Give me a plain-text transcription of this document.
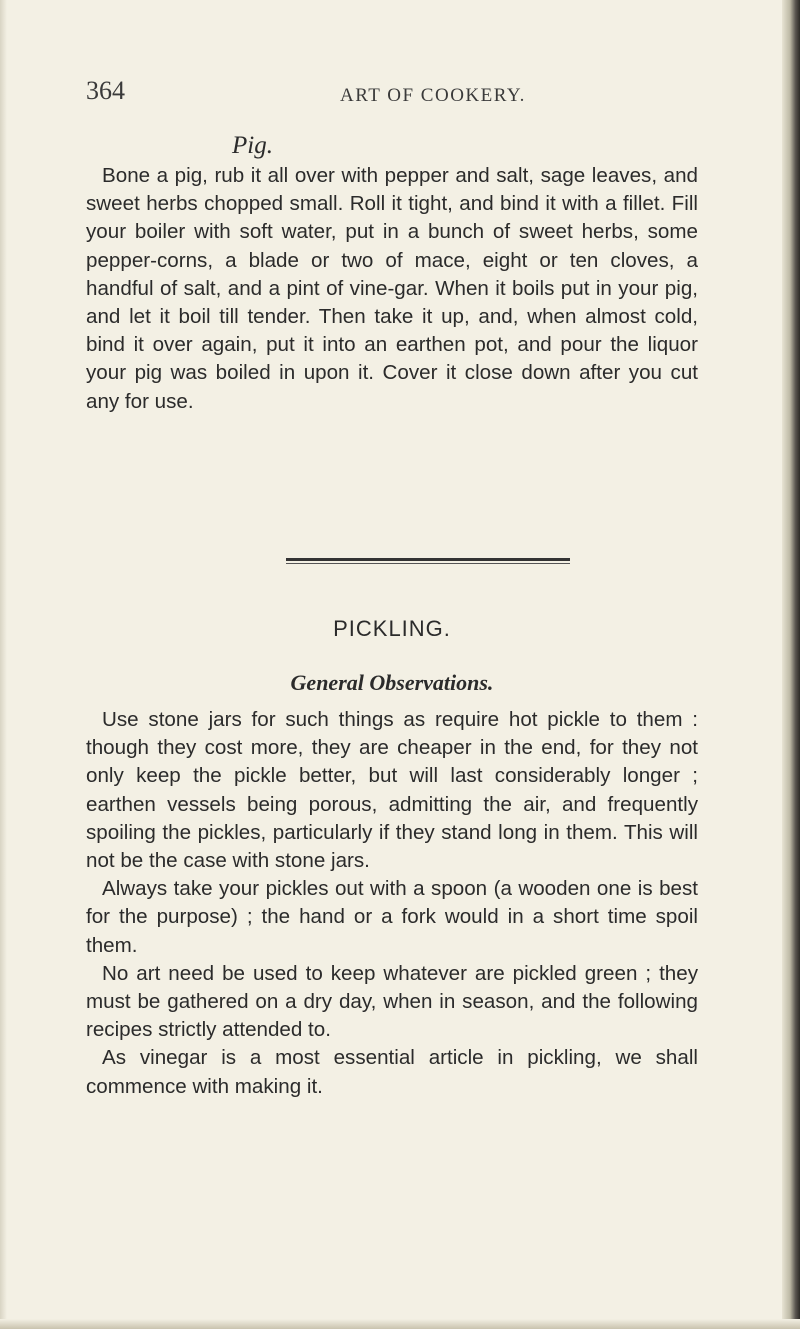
364	ART OF COOKERY.

Pig.

Bone a pig, rub it all over with pepper and salt, sage leaves, and sweet herbs chopped small. Roll it tight, and bind it with a fillet. Fill your boiler with soft water, put in a bunch of sweet herbs, some pepper-corns, a blade or two of mace, eight or ten cloves, a handful of salt, and a pint of vine-gar. When it boils put in your pig, and let it boil till tender. Then take it up, and, when almost cold, bind it over again, put it into an earthen pot, and pour the liquor your pig was boiled in upon it. Cover it close down after you cut any for use.

PICKLING.

General Observations.

Use stone jars for such things as require hot pickle to them : though they cost more, they are cheaper in the end, for they not only keep the pickle better, but will last considerably longer ; earthen vessels being porous, admitting the air, and frequently spoiling the pickles, particularly if they stand long in them. This will not be the case with stone jars.

Always take your pickles out with a spoon (a wooden one is best for the purpose) ; the hand or a fork would in a short time spoil them.

No art need be used to keep whatever are pickled green ; they must be gathered on a dry day, when in season, and the following recipes strictly attended to.

As vinegar is a most essential article in pickling, we shall commence with making it.
